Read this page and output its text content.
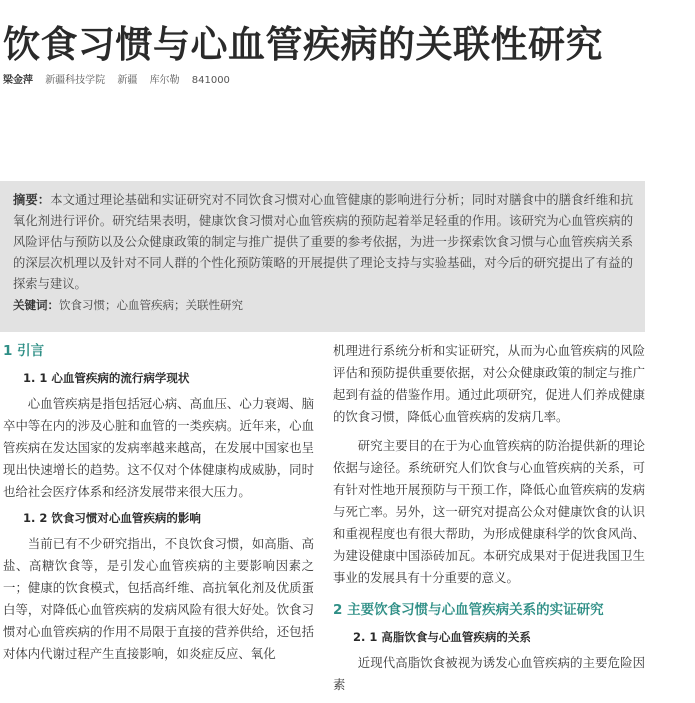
饮食习惯与心血管疾病的关联性研究
梁金萍 新疆科技学院 新疆 库尔勒 841000

摘要：本文通过理论基础和实证研究对不同饮食习惯对心血管健康的影响进行分析；同时对膳食中的膳食纤维和抗氧化剂进行评价。研究结果表明，健康饮食习惯对心血管疾病的预防起着举足轻重的作用。该研究为心血管疾病的风险评估与预防以及公众健康政策的制定与推广提供了重要的参考依据，为进一步探索饮食习惯与心血管疾病关系的深层次机理以及针对不同人群的个性化预防策略的开展提供了理论支持与实验基础，对今后的研究提出了有益的探索与建议。

关键词：饮食习惯；心血管疾病；关联性研究

1 引言
1. 1 心血管疾病的流行病学现状

心血管疾病是指包括冠心病、高血压、心力衰竭、脑卒中等在内的涉及心脏和血管的一类疾病。近年来，心血管疾病在发达国家的发病率越来越高，在发展中国家也呈现出快速增长的趋势。这不仅对个体健康构成威胁，同时也给社会医疗体系和经济发展带来很大压力。

1. 2 饮食习惯对心血管疾病的影响

当前已有不少研究指出，不良饮食习惯，如高脂、高盐、高糖饮食等，是引发心血管疾病的主要影响因素之一；健康的饮食模式，包括高纤维、高抗氧化剂及优质蛋白等，对降低心血管疾病的发病风险有很大好处。饮食习惯对心血管疾病的作用不局限于直接的营养供给，还包括对体内代谢过程产生直接影响，如炎症反应、氧化

机理进行系统分析和实证研究，从而为心血管疾病的风险评估和预防提供重要依据，对公众健康政策的制定与推广起到有益的借鉴作用。通过此项研究，促进人们养成健康的饮食习惯，降低心血管疾病的发病几率。

研究主要目的在于为心血管疾病的防治提供新的理论依据与途径。系统研究人们饮食与心血管疾病的关系，可有针对性地开展预防与干预工作，降低心血管疾病的发病与死亡率。另外，这一研究对提高公众对健康饮食的认识和重视程度也有很大帮助，为形成健康科学的饮食风尚、为建设健康中国添砖加瓦。本研究成果对于促进我国卫生事业的发展具有十分重要的意义。

2 主要饮食习惯与心血管疾病关系的实证研究
2. 1 高脂饮食与心血管疾病的关系

近现代高脂饮食被视为诱发心血管疾病的主要危险因素
